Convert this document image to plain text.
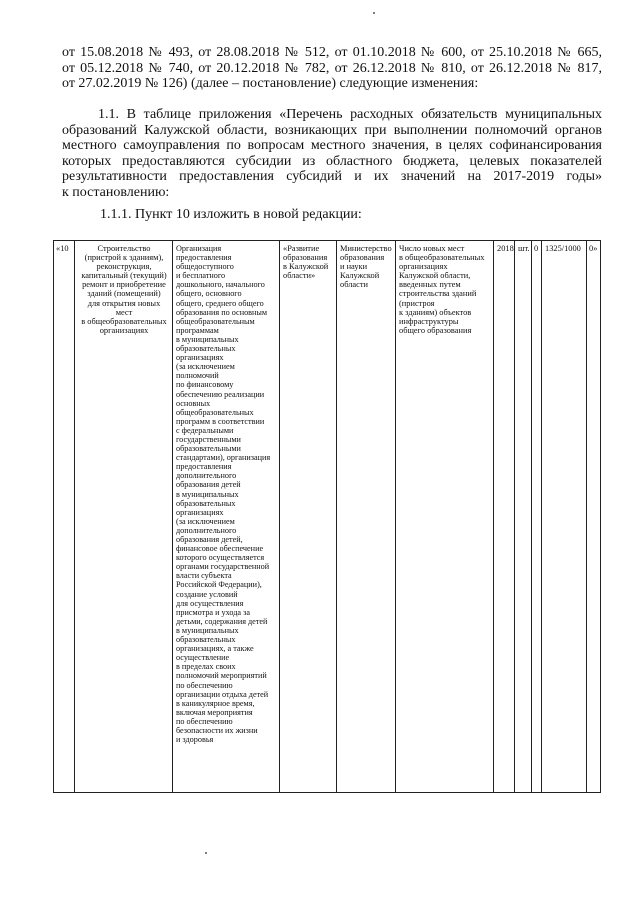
от 15.08.2018 № 493, от 28.08.2018 № 512, от 01.10.2018 № 600, от 25.10.2018 № 665,
от 05.12.2018 № 740, от 20.12.2018 № 782, от 26.12.2018 № 810, от 26.12.2018 № 817,
от 27.02.2019 № 126) (далее – постановление) следующие изменения:
1.1. В таблице приложения «Перечень расходных обязательств муниципальных
образований Калужской области, возникающих при выполнении полномочий органов
местного самоуправления по вопросам местного значения, в целях софинансирования
которых предоставляются субсидии из областного бюджета, целевых показателей
результативности предоставления субсидий и их значений на 2017-2019 годы»
к постановлению:
1.1.1. Пункт 10 изложить в новой редакции:
«10	Строительство
(пристрой к зданиям),
реконструкция,
капитальный (текущий)
ремонт и приобретение
зданий (помещений)
для открытия новых
мест
в общеобразовательных
организациях
Организация
предоставления
общедоступного
и бесплатного
дошкольного, начального
общего, основного
общего, среднего общего
образования по основным
общеобразовательным
программам
в муниципальных
образовательных
организациях
(за исключением
полномочий
по финансовому
обеспечению реализации
основных
общеобразовательных
программ в соответствии
с федеральными
государственными
образовательными
стандартами), организация
предоставления
дополнительного
образования детей
в муниципальных
образовательных
организациях
(за исключением
дополнительного
образования детей,
финансовое обеспечение
которого осуществляется
органами государственной
власти субъекта
Российской Федерации),
создание условий
для осуществления
присмотра и ухода за
детьми, содержания детей
в муниципальных
образовательных
организациях, а также
осуществление
в пределах своих
полномочий мероприятий
по обеспечению
организации отдыха детей
в каникулярное время,
включая мероприятия
по обеспечению
безопасности их жизни
и здоровья
«Развитие
образования
в Калужской
области»
Министерство
образования
и науки
Калужской
области
Число новых мест
в общеобразовательных
организациях
Калужской области,
введенных путем
строительства зданий
(пристроя
к зданиям) объектов
инфраструктуры
общего образования
2018 шт. 0 1325/1000 0»
